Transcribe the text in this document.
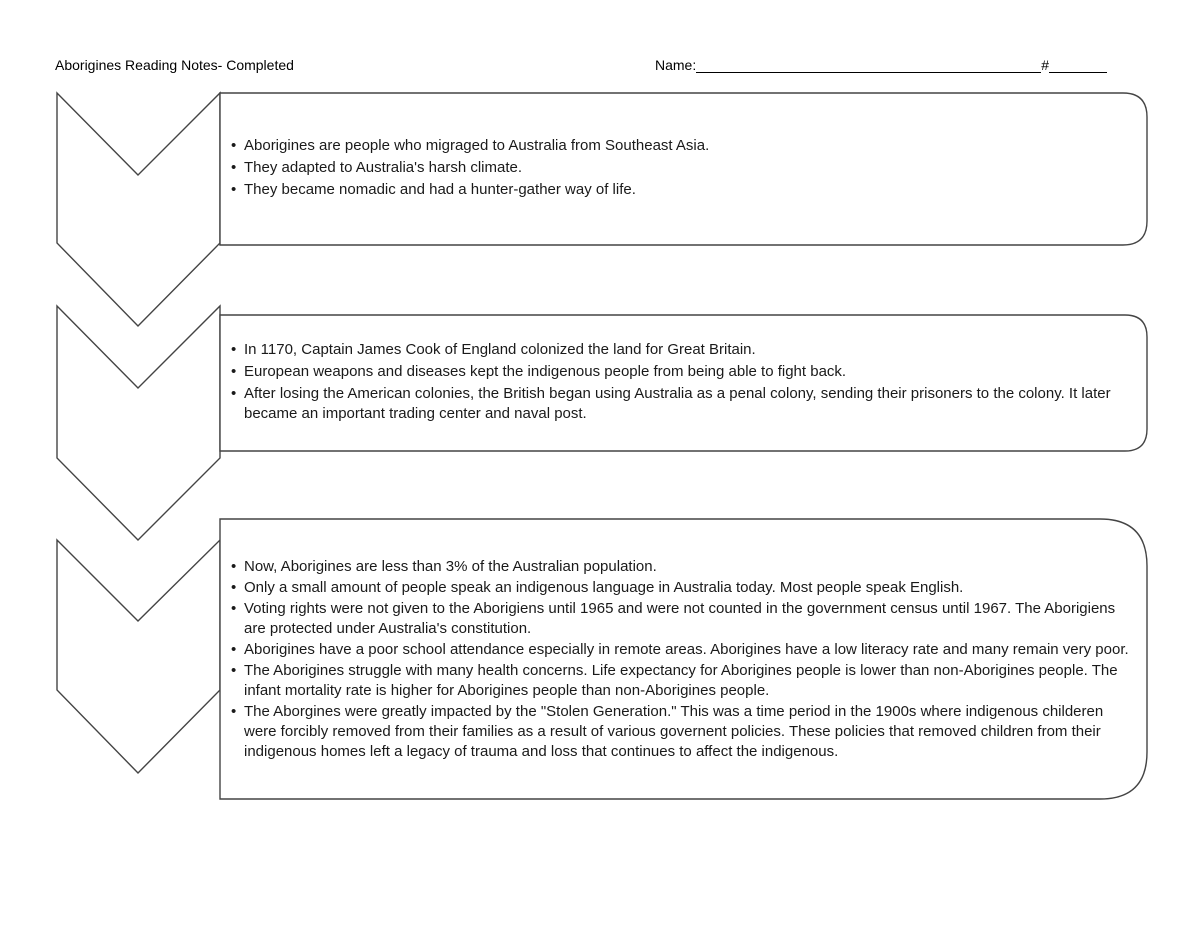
Aborigines Reading Notes- Completed	Name:	#
• Aborigines are people who migraged to Australia from Southeast Asia.
• They adapted to Australia's harsh climate.
• They became nomadic and had a hunter-gather way of life.
• In 1170, Captain James Cook of England colonized the land for Great Britain.
• European weapons and diseases kept the indigenous people from being able to fight back.
• After losing the American colonies, the British began using Australia as a penal colony, sending their prisoners to the colony. It later became an important trading center and naval post.
• Now, Aborigines are less than 3% of the Australian population.
• Only a small amount of people speak an indigenous language in Australia today. Most people speak English.
• Voting rights were not given to the Aborigiens until 1965 and were not counted in the government census until 1967. The Aborigiens are protected under Australia's constitution.
• Aborigines have a poor school attendance especially in remote areas. Aborigines have a low literacy rate and many remain very poor.
• The Aborigines struggle with many health concerns. Life expectancy for Aborigines people is lower than non-Aborigines people. The infant mortality rate is higher for Aborigines people than non-Aborigines people.
• The Aborgines were greatly impacted by the "Stolen Generation." This was a time period in the 1900s where indigenous childeren were forcibly removed from their families as a result of various governent policies. These policies that removed children from their indigenous homes left a legacy of trauma and loss that continues to affect the indigenous.
